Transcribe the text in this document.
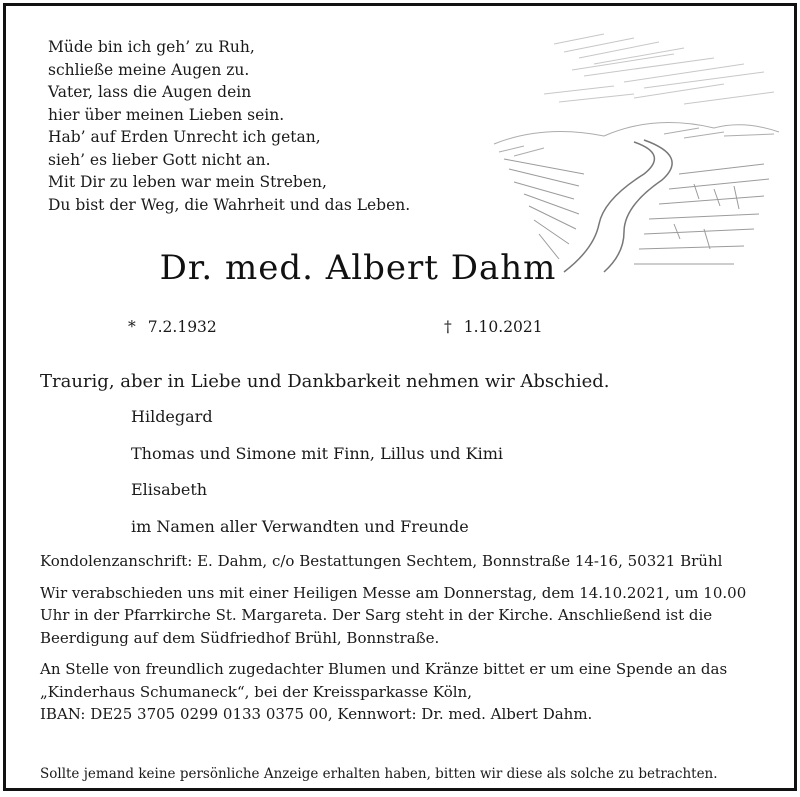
Müde bin ich geh’ zu Ruh,
schließe meine Augen zu.
Vater, lass die Augen dein
hier über meinen Lieben sein.
Hab’ auf Erden Unrecht ich getan,
sieh’ es lieber Gott nicht an.
Mit Dir zu leben war mein Streben,
Du bist der Weg, die Wahrheit und das Leben.
Dr. med. Albert Dahm
* 7.2.1932	† 1.10.2021
Traurig, aber in Liebe und Dankbarkeit nehmen wir Abschied.
Hildegard
Thomas und Simone mit Finn, Lillus und Kimi
Elisabeth
im Namen aller Verwandten und Freunde

Kondolenzanschrift: E. Dahm, c/o Bestattungen Sechtem, Bonnstraße 14-16, 50321 Brühl

Wir verabschieden uns mit einer Heiligen Messe am Donnerstag, dem 14.10.2021, um 10.00 Uhr in der Pfarrkirche St. Margareta. Der Sarg steht in der Kirche. Anschließend ist die Beerdigung auf dem Südfriedhof Brühl, Bonnstraße.

An Stelle von freundlich zugedachter Blumen und Kränze bittet er um eine Spende an das
„Kinderhaus Schumaneck“, bei der Kreissparkasse Köln,
IBAN: DE25 3705 0299 0133 0375 00, Kennwort: Dr. med. Albert Dahm.

Sollte jemand keine persönliche Anzeige erhalten haben, bitten wir diese als solche zu betrachten.
